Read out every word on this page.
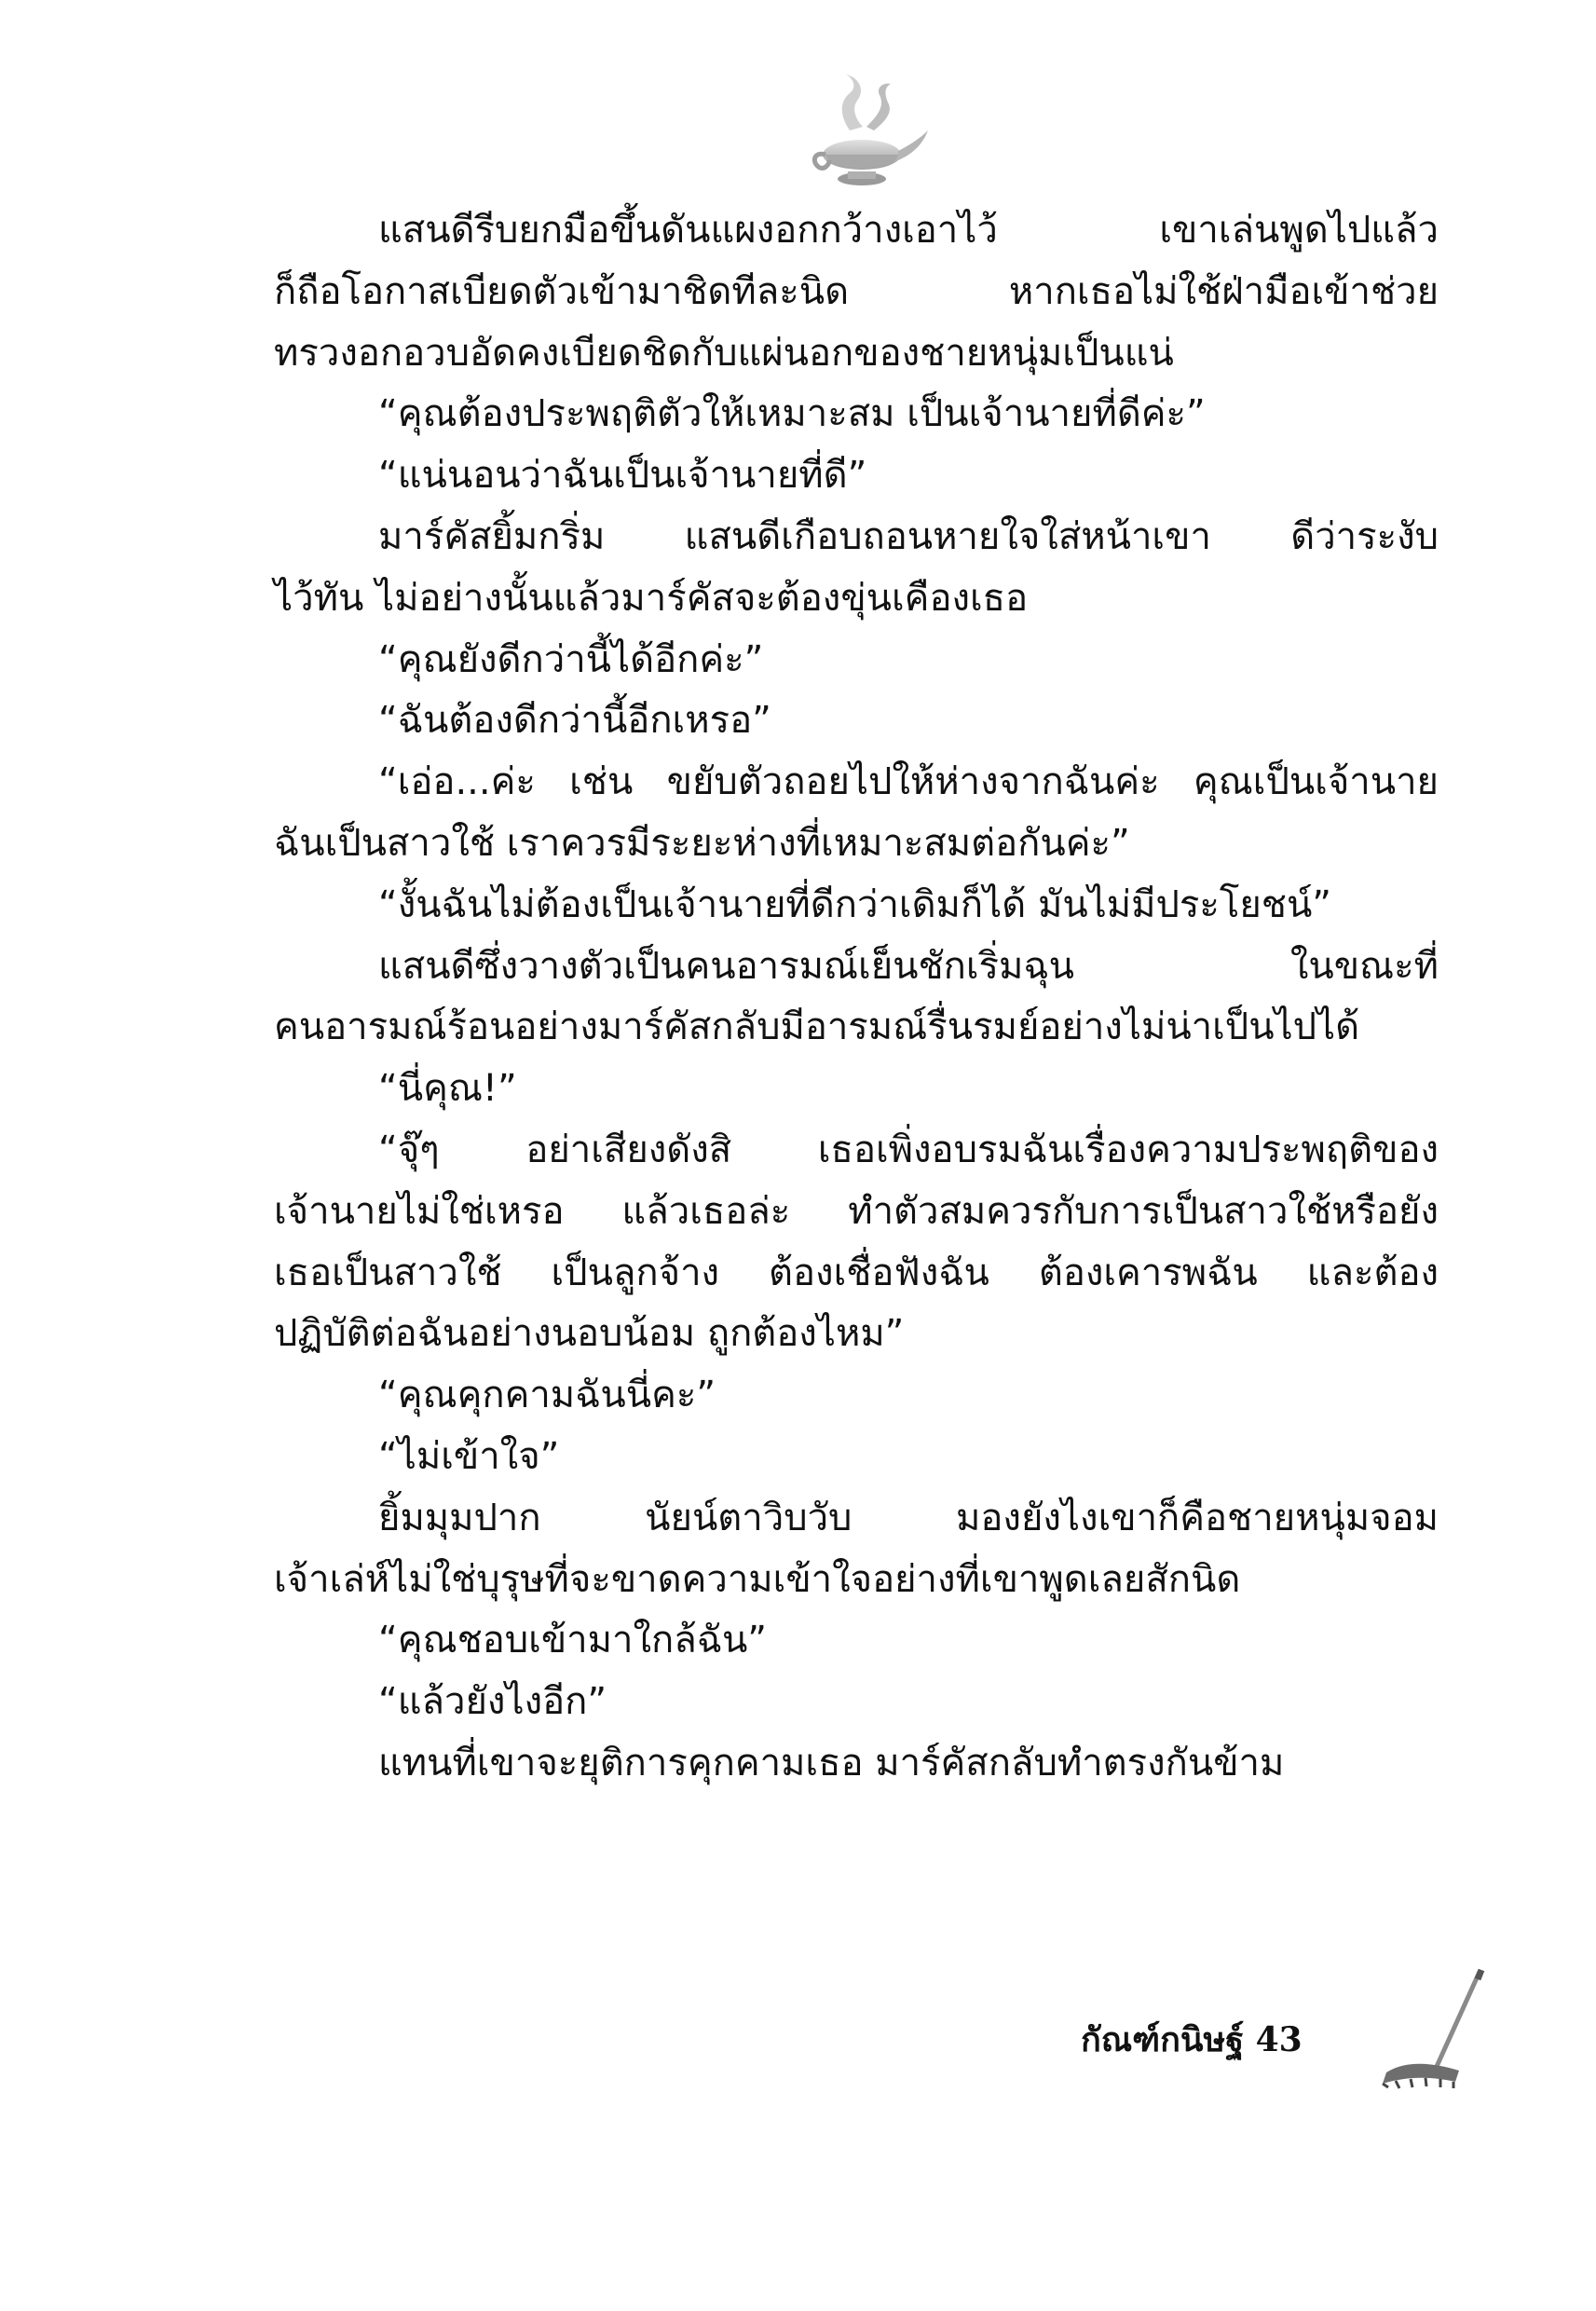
แสนดีรีบยกมือขึ้นดันแผงอกกว้างเอาไว้ เขาเล่นพูดไปแล้ว

ก็ถือโอกาสเบียดตัวเข้ามาชิดทีละนิด หากเธอไม่ใช้ฝ่ามือเข้าช่วย

ทรวงอกอวบอัดคงเบียดชิดกับแผ่นอกของชายหนุ่มเป็นแน่

“คุณต้องประพฤติตัวให้เหมาะสม เป็นเจ้านายที่ดีค่ะ”

“แน่นอนว่าฉันเป็นเจ้านายที่ดี”

มาร์คัสยิ้มกริ่ม แสนดีเกือบถอนหายใจใส่หน้าเขา ดีว่าระงับ

ไว้ทัน ไม่อย่างนั้นแล้วมาร์คัสจะต้องขุ่นเคืองเธอ

“คุณยังดีกว่านี้ได้อีกค่ะ”

“ฉันต้องดีกว่านี้อีกเหรอ”

“เอ่อ...ค่ะ เช่น ขยับตัวถอยไปให้ห่างจากฉันค่ะ คุณเป็นเจ้านาย

ฉันเป็นสาวใช้ เราควรมีระยะห่างที่เหมาะสมต่อกันค่ะ”

“งั้นฉันไม่ต้องเป็นเจ้านายที่ดีกว่าเดิมก็ได้ มันไม่มีประโยชน์”

แสนดีซึ่งวางตัวเป็นคนอารมณ์เย็นชักเริ่มฉุน ในขณะที่

คนอารมณ์ร้อนอย่างมาร์คัสกลับมีอารมณ์รื่นรมย์อย่างไม่น่าเป็นไปได้

“นี่คุณ!”

“จุ๊ๆ อย่าเสียงดังสิ เธอเพิ่งอบรมฉันเรื่องความประพฤติของ

เจ้านายไม่ใช่เหรอ แล้วเธอล่ะ ทำตัวสมควรกับการเป็นสาวใช้หรือยัง

เธอเป็นสาวใช้ เป็นลูกจ้าง ต้องเชื่อฟังฉัน ต้องเคารพฉัน และต้อง

ปฏิบัติต่อฉันอย่างนอบน้อม ถูกต้องไหม”

“คุณคุกคามฉันนี่คะ”

“ไม่เข้าใจ”

ยิ้มมุมปาก นัยน์ตาวิบวับ มองยังไงเขาก็คือชายหนุ่มจอม

เจ้าเล่ห์ไม่ใช่บุรุษที่จะขาดความเข้าใจอย่างที่เขาพูดเลยสักนิด

“คุณชอบเข้ามาใกล้ฉัน”

“แล้วยังไงอีก”

แทนที่เขาจะยุติการคุกคามเธอ มาร์คัสกลับทำตรงกันข้าม

กัณฑ์กนิษฐ์ 43
